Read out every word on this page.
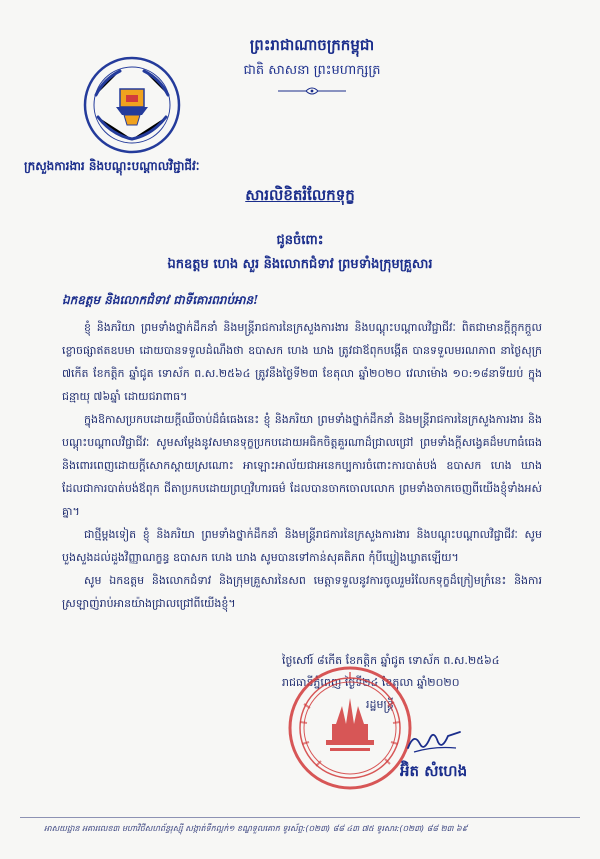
ព្រះរាជាណាចក្រកម្ពុជា
ជាតិ សាសនា ព្រះមហាក្សត្រ
ក្រសួងការងារ និងបណ្តុះបណ្តាលវិជ្ជាជីវៈ
សារលិខិតរំលែកទុក្ខ
ជូនចំពោះ
ឯកឧត្តម ហេង សួរ និងលោកជំទាវ ព្រមទាំងក្រុមគ្រួសារ
ឯកឧត្តម និងលោកជំទាវ ជាទីគោរពរាប់អាន!

ខ្ញុំ និងភរិយា ព្រមទាំងថ្នាក់ដឹកនាំ និងមន្ត្រីរាជការនៃក្រសួងការងារ និងបណ្តុះបណ្តាលវិជ្ជាជីវៈ ពិតជាមានក្តីក្តុកក្តួលខ្លោចផ្សាឥតឧបមា ដោយបានទទួលដំណឹងថា ឧបាសក ហេង ឃាង ត្រូវជាឪពុកបង្កើត បានទទួលមរណភាព នាថ្ងៃសុក្រ ៧កើត ខែកត្តិក ឆ្នាំជូត ទោស័ក ព.ស.២៥៦៤ ត្រូវនឹងថ្ងៃទី២៣ ខែតុលា ឆ្នាំ២០២០ វេលាម៉ោង ១០:១៨នាទីយប់ ក្នុងជន្មាយុ ៧៦ឆ្នាំ ដោយជរាពាធ។

ក្នុងឱកាសប្រកបដោយក្តីឈឺចាប់ដ៏ធំធេងនេះ ខ្ញុំ និងភរិយា ព្រមទាំងថ្នាក់ដឹកនាំ និងមន្ត្រីរាជការនៃក្រសួងការងារ និងបណ្តុះបណ្តាលវិជ្ជាជីវៈ សូមសម្តែងនូវសមានទុក្ខប្រកបដោយអធិកចិត្តគួរណាដ៏ជ្រាលជ្រៅ ព្រមទាំងក្តីសង្វេគដ៏មហាធំធេង និងពោរពេញដោយក្តីសោកស្តាយស្រណោះ អាឡោះអាល័យជាអនេកប្បការចំពោះការបាត់បង់ ឧបាសក ហេង ឃាង ដែលជាការបាត់បង់ឪពុក ជីតាប្រកបដោយព្រហ្មវិហារធម៌ ដែលបានចាកចោលលោក ព្រមទាំងចាកចេញពីយើងខ្ញុំទាំងអស់គ្នា។

ជាថ្មីម្តងទៀត ខ្ញុំ និងភរិយា ព្រមទាំងថ្នាក់ដឹកនាំ និងមន្ត្រីរាជការនៃក្រសួងការងារ និងបណ្តុះបណ្តាលវិជ្ជាជីវៈ សូមបួងសួងដល់ដួងវិញ្ញាណក្ខន្ធ ឧបាសក ហេង ឃាង សូមបានទៅកាន់សុគតិភព កុំបីឃ្លៀងឃ្លាតឡើយ។

សូម ឯកឧត្តម និងលោកជំទាវ និងក្រុមគ្រួសារនៃសព មេត្តាទទួលនូវការចូលរួមរំលែកទុក្ខដ៏ក្រៀមក្រំនេះ និងការស្រឡាញ់រាប់អានយ៉ាងជ្រាលជ្រៅពីយើងខ្ញុំ។

ថ្ងៃសៅរ៍ ៨កើត ខែកត្តិក ឆ្នាំជូត ទោស័ក ព.ស.២៥៦៤
រាជធានីភ្នំពេញ ថ្ងៃទី២៤ ខែតុលា ឆ្នាំ២០២០
រដ្ឋមន្ត្រី
អ៊ិត សំហេង
អាសយដ្ឋាន អគារលេខ៣ មហាវិថីសហព័ន្ធរុស្ស៊ី សង្កាត់ទឹកល្អក់១ ខណ្ឌទួលគោក ទូរស័ព្ទ:(០២៣) ៨៨ ៤៣ ៧៥ ទូរសារ:(០២៣) ៨៨ ២៣ ៦៩
